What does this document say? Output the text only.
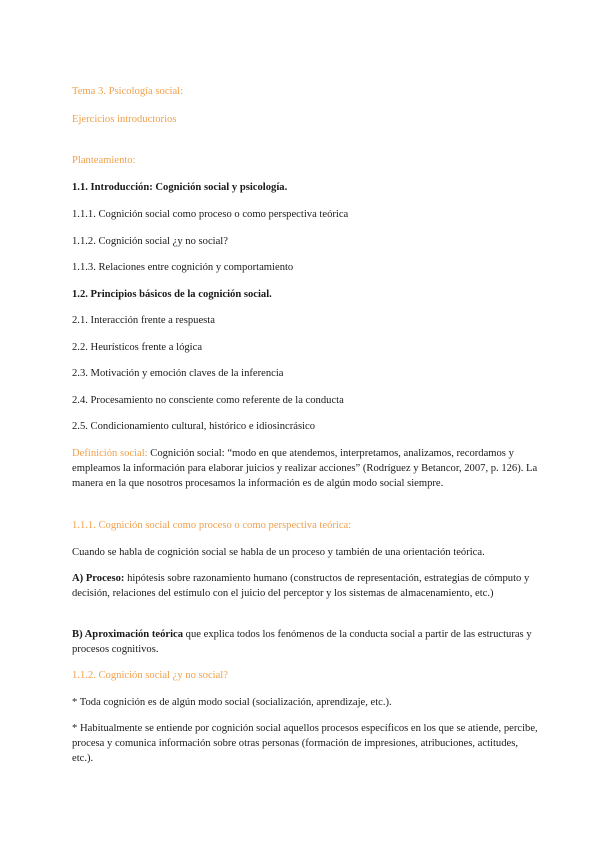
Tema 3. Psicología social:

Ejercicios introductorios

Planteamiento:

1.1. Introducción: Cognición social y psicología.

1.1.1. Cognición social como proceso o como perspectiva teórica

1.1.2. Cognición social ¿y no social?

1.1.3. Relaciones entre cognición y comportamiento

1.2. Principios básicos de la cognición social.

2.1. Interacción frente a respuesta

2.2. Heurísticos frente a lógica

2.3. Motivación y emoción claves de la inferencia

2.4. Procesamiento no consciente como referente de la conducta

2.5. Condicionamiento cultural, histórico e idiosincrásico

Definición social: Cognición social: “modo en que atendemos, interpretamos, analizamos, recordamos y empleamos la información para elaborar juicios y realizar acciones” (Rodríguez y Betancor, 2007, p. 126). La manera en la que nosotros procesamos la información es de algún modo social siempre.

1.1.1. Cognición social como proceso o como perspectiva teórica:

Cuando se habla de cognición social se habla de un proceso y también de una orientación teórica.

A) Proceso: hipótesis sobre razonamiento humano (constructos de representación, estrategias de cómputo y decisión, relaciones del estímulo con el juicio del perceptor y los sistemas de almacenamiento, etc.)

B) Aproximación teórica que explica todos los fenómenos de la conducta social a partir de las estructuras y procesos cognitivos.

1.1.2. Cognición social ¿y no social?

* Toda cognición es de algún modo social (socialización, aprendizaje, etc.).

* Habitualmente se entiende por cognición social aquellos procesos específicos en los que se atiende, percibe, procesa y comunica información sobre otras personas (formación de impresiones, atribuciones, actitudes, etc.).
